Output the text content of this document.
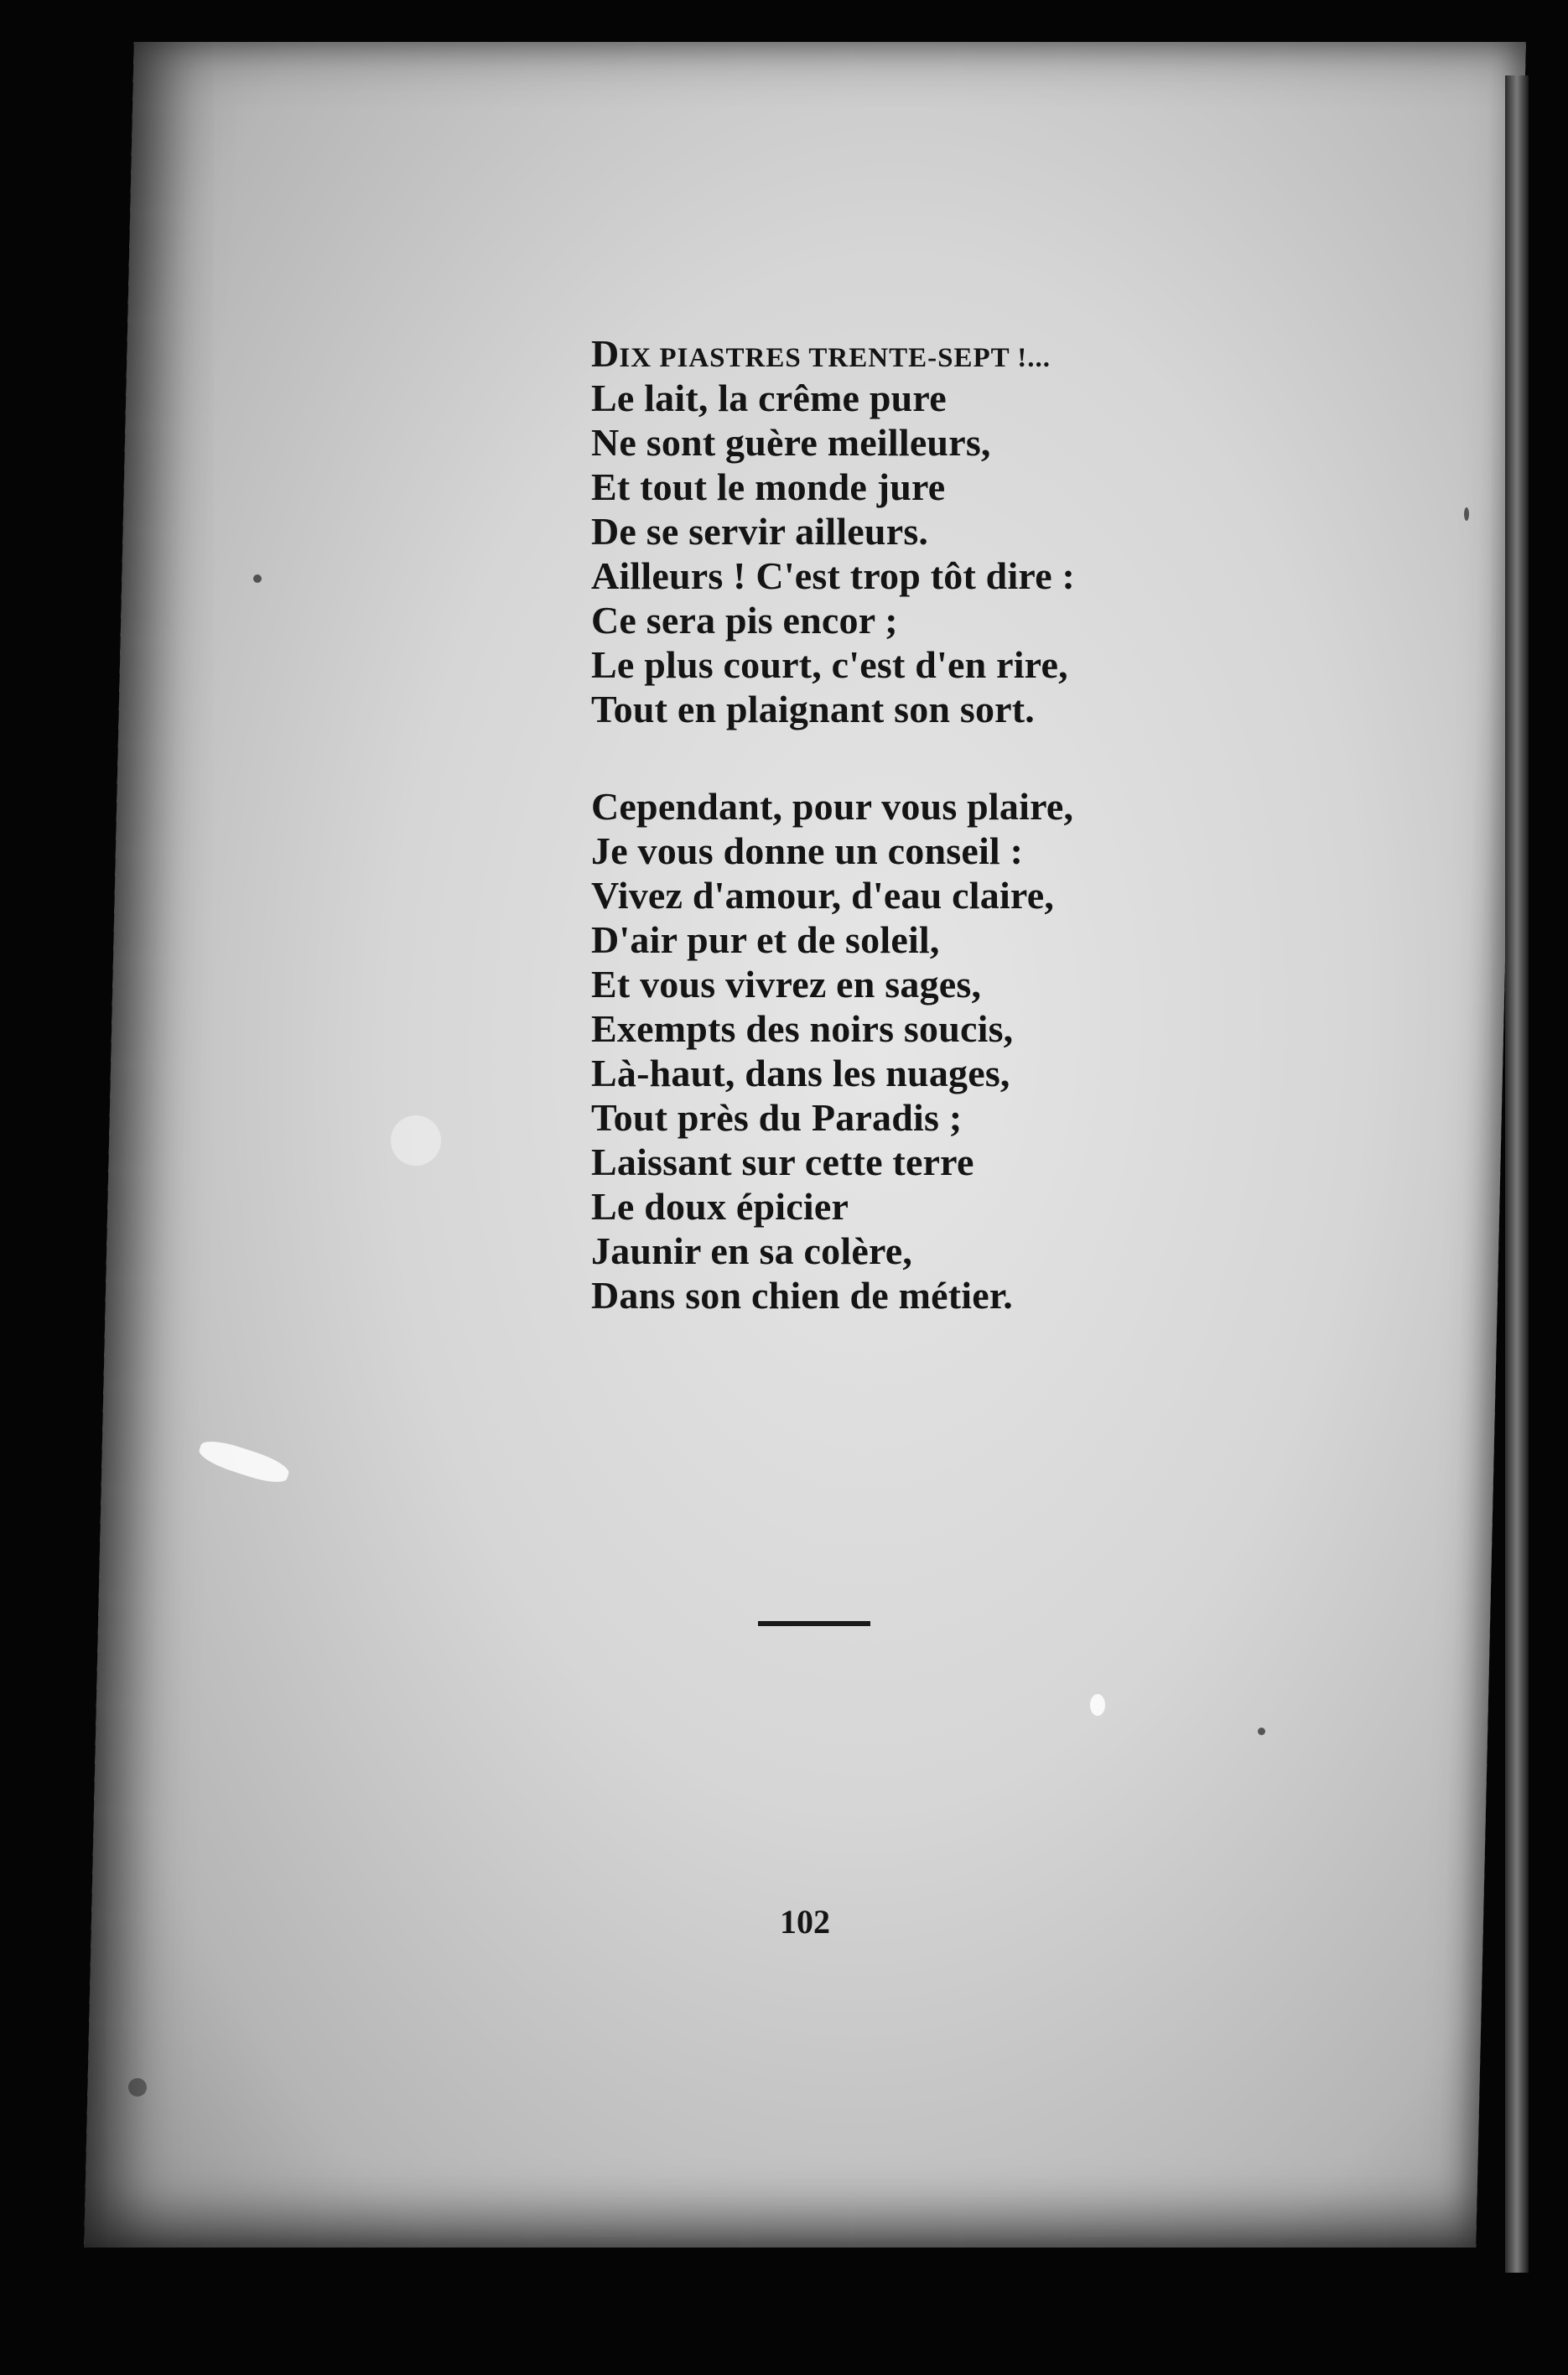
DIX PIASTRES TRENTE-SEPT !...
Le lait, la crême pure
Ne sont guère meilleurs,
Et tout le monde jure
De se servir ailleurs.
Ailleurs ! C'est trop tôt dire :
Ce sera pis encor ;
Le plus court, c'est d'en rire,
Tout en plaignant son sort.
Cependant, pour vous plaire,
Je vous donne un conseil :
Vivez d'amour, d'eau claire,
D'air pur et de soleil,
Et vous vivrez en sages,
Exempts des noirs soucis,
Là-haut, dans les nuages,
Tout près du Paradis ;
Laissant sur cette terre
Le doux épicier
Jaunir en sa colère,
Dans son chien de métier.
102
